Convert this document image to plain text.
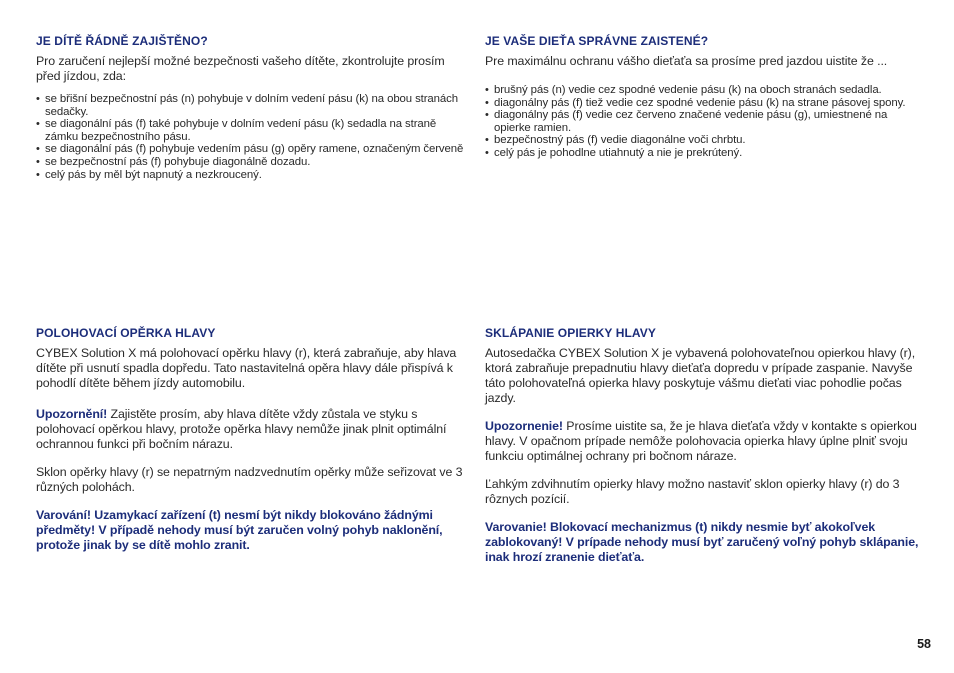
JE DÍTĚ ŘÁDNĚ ZAJIŠTĚNO?

Pro zaručení nejlepší možné bezpečnosti vašeho dítěte, zkontrolujte prosím před jízdou, zda:

• se břišní bezpečnostní pás (n) pohybuje v dolním vedení pásu (k) na obou stranách sedačky.
• se diagonální pás (f) také pohybuje v dolním vedení pásu (k) sedadla na straně zámku bezpečnostního pásu.
• se diagonální pás (f) pohybuje vedením pásu (g) opěry ramene, označeným červeně
• se bezpečnostní pás (f) pohybuje diagonálně dozadu.
• celý pás by měl být napnutý a nezkroucený.
JE VAŠE DIEŤA SPRÁVNE ZAISTENÉ?

Pre maximálnu ochranu vášho dieťaťa sa prosíme pred jazdou uistite že ...

• brušný pás (n) vedie cez spodné vedenie pásu (k) na oboch stranách sedadla.
• diagonálny pás (f) tiež vedie cez spodné vedenie pásu (k) na strane pásovej spony.
• diagonálny pás (f) vedie cez červeno značené vedenie pásu (g), umiestnené na opierke ramien.
• bezpečnostný pás (f) vedie diagonálne voči chrbtu.
• celý pás je pohodlne utiahnutý a nie je prekrútený.
POLOHOVACÍ OPĚRKA HLAVY

CYBEX Solution X má polohovací opěrku hlavy (r), která zabraňuje, aby hlava dítěte při usnutí spadla dopředu. Tato nastavitelná opěra hlavy dále přispívá k pohodlí dítěte během jízdy automobilu.

Upozornění! Zajistěte prosím, aby hlava dítěte vždy zůstala ve styku s polohovací opěrkou hlavy, protože opěrka hlavy nemůže jinak plnit optimální ochrannou funkci při bočním nárazu.

Sklon opěrky hlavy (r) se nepatrným nadzvednutím opěrky může seřizovat ve 3 různých polohách.

Varování! Uzamykací zařízení (t) nesmí být nikdy blokováno žádnými předměty! V případě nehody musí být zaručen volný pohyb naklonění, protože jinak by se dítě mohlo zranit.

SKLÁPANIE OPIERKY HLAVY

Autosedačka CYBEX Solution X je vybavená polohovateľnou opierkou hlavy (r), ktorá zabraňuje prepadnutiu hlavy dieťaťa dopredu v prípade zaspanie. Navyše táto polohovateľná opierka hlavy poskytuje vášmu dieťati viac pohodlie počas jazdy.

Upozornenie! Prosíme uistite sa, že je hlava dieťaťa vždy v kontakte s opierkou hlavy. V opačnom prípade nemôže polohovacia opierka hlavy úplne plniť svoju funkciu optimálnej ochrany pri bočnom náraze.

Ľahkým zdvihnutím opierky hlavy možno nastaviť sklon opierky hlavy (r) do 3 rôznych pozícií.

Varovanie! Blokovací mechanizmus (t) nikdy nesmie byť akokoľvek zablokovaný! V prípade nehody musí byť zaručený voľný pohyb sklápanie, inak hrozí zranenie dieťaťa.

58
